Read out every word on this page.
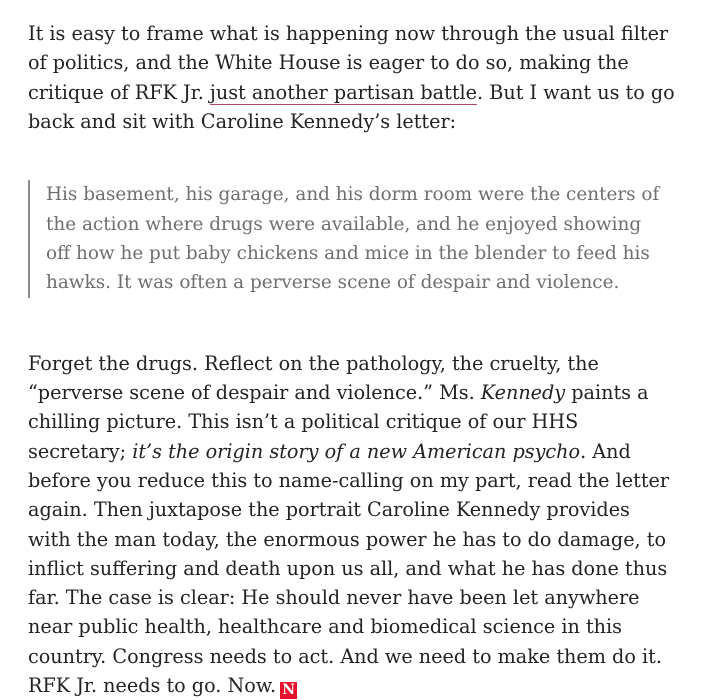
It is easy to frame what is happening now through the usual filter of politics, and the White House is eager to do so, making the critique of RFK Jr. just another partisan battle. But I want us to go back and sit with Caroline Kennedy’s letter:

His basement, his garage, and his dorm room were the centers of the action where drugs were available, and he enjoyed showing off how he put baby chickens and mice in the blender to feed his hawks. It was often a perverse scene of despair and violence.

Forget the drugs. Reflect on the pathology, the cruelty, the “perverse scene of despair and violence.” Ms. Kennedy paints a chilling picture. This isn’t a political critique of our HHS secretary; it’s the origin story of a new American psycho. And before you reduce this to name-calling on my part, read the letter again. Then juxtapose the portrait Caroline Kennedy provides with the man today, the enormous power he has to do damage, to inflict suffering and death upon us all, and what he has done thus far. The case is clear: He should never have been let anywhere near public health, healthcare and biomedical science in this country. Congress needs to act. And we need to make them do it. RFK Jr. needs to go. Now. N
